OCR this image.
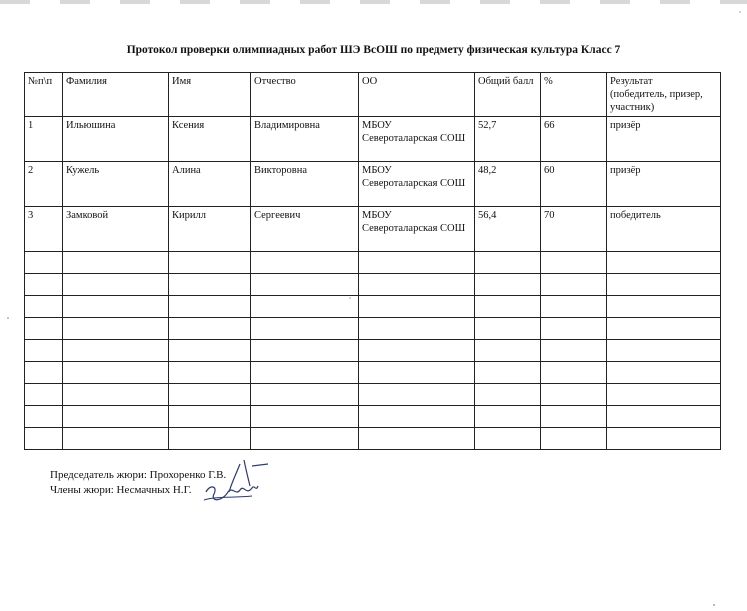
Протокол проверки олимпиадных работ ШЭ ВсОШ по предмету физическая культура Класс 7
№п\п	Фамилия	Имя	Отчество	ОО	Общий балл	%	Результат
(победитель, призер, участник)
1	Ильюшина	Ксения	Владимировна	МБОУ
Североталарская СОШ	52,7	66	призёр
2	Кужель	Алина	Викторовна	МБОУ
Североталарская СОШ	48,2	60	призёр
3	Замковой	Кирилл	Сергеевич	МБОУ
Североталарская СОШ	56,4	70	победитель

Председатель жюри: Прохоренко Г.В.
Члены жюри: Несмачных Н.Г.
